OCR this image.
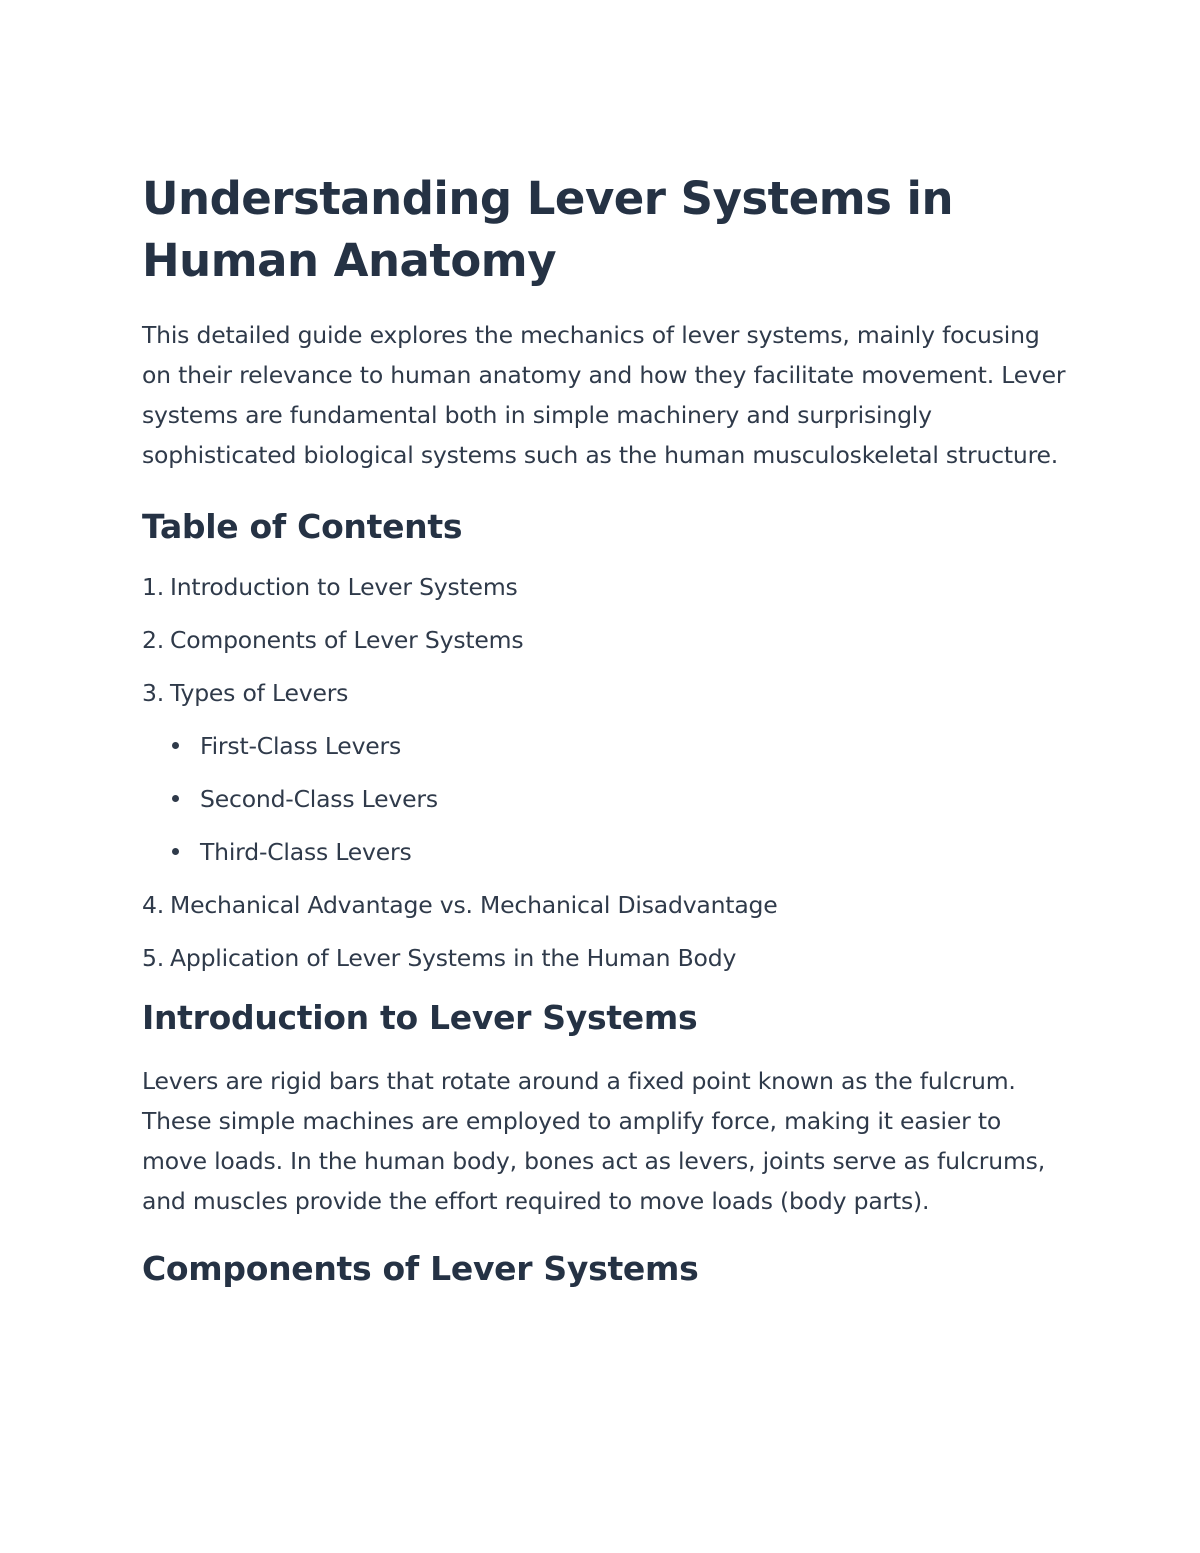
Understanding Lever Systems in Human Anatomy

This detailed guide explores the mechanics of lever systems, mainly focusing on their relevance to human anatomy and how they facilitate movement. Lever systems are fundamental both in simple machinery and surprisingly sophisticated biological systems such as the human musculoskeletal structure.

Table of Contents
1. Introduction to Lever Systems
2. Components of Lever Systems
3. Types of Levers
First-Class Levers
Second-Class Levers
Third-Class Levers
4. Mechanical Advantage vs. Mechanical Disadvantage
5. Application of Lever Systems in the Human Body
Introduction to Lever Systems

Levers are rigid bars that rotate around a fixed point known as the fulcrum. These simple machines are employed to amplify force, making it easier to move loads. In the human body, bones act as levers, joints serve as fulcrums, and muscles provide the effort required to move loads (body parts).

Components of Lever Systems
